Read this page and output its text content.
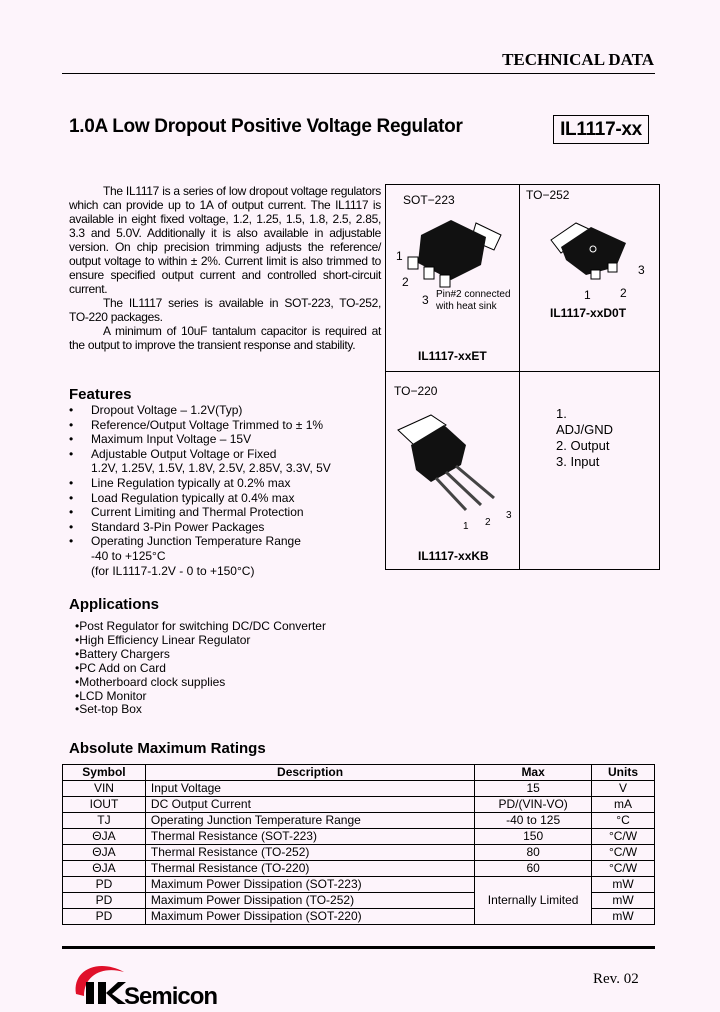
TECHNICAL DATA
1.0A Low Dropout Positive Voltage Regulator	IL1117-xx

The IL1117 is a series of low dropout voltage regulators which can provide up to 1A of output current. The IL1117 is available in eight fixed voltage, 1.2, 1.25, 1.5, 1.8, 2.5, 2.85, 3.3 and 5.0V. Additionally it is also available in adjustable version. On chip precision trimming adjusts the reference/ output voltage to within ± 2%. Current limit is also trimmed to ensure specified output current and controlled short-circuit current.

The IL1117 series is available in SOT-223, TO-252, TO-220 packages.

A minimum of 10uF tantalum capacitor is required at the output to improve the transient response and stability.

SOT−223
1
2
3 Pin#2 connected with heat sink
IL1117-xxET
TO−252
3
1 2
IL1117-xxD0T
TO−220
1 2
3
IL1117-xxKB
1.
ADJ/GND
2. Output
3. Input
Features
• Dropout Voltage – 1.2V(Typ)
• Reference/Output Voltage Trimmed to ± 1%
• Maximum Input Voltage – 15V
• Adjustable Output Voltage or Fixed
1.2V, 1.25V, 1.5V, 1.8V, 2.5V, 2.85V, 3.3V, 5V
• Line Regulation typically at 0.2% max
• Load Regulation typically at 0.4% max
• Current Limiting and Thermal Protection
• Standard 3-Pin Power Packages
• Operating Junction Temperature Range
-40 to +125°C
(for IL1117-1.2V - 0 to +150°C)
Applications
• Post Regulator for switching DC/DC Converter
• High Efficiency Linear Regulator
• Battery Chargers
• PC Add on Card
• Motherboard clock supplies
• LCD Monitor
• Set-top Box
Absolute Maximum Ratings
Symbol	Description	Max	Units
VIN	Input Voltage	15	V
IOUT	DC Output Current	PD/(VIN-VO)	mA
TJ	Operating Junction Temperature Range	-40 to 125	°C
ΘJA	Thermal Resistance (SOT-223)	150	°C/W
ΘJA	Thermal Resistance (TO-252)	80	°C/W
ΘJA	Thermal Resistance (TO-220)	60	°C/W
PD	Maximum Power Dissipation (SOT-223)	Internally Limited	mW
PD	Maximum Power Dissipation (TO-252)		mW
PD	Maximum Power Dissipation (SOT-220)		mW
Semicon
Rev. 02
